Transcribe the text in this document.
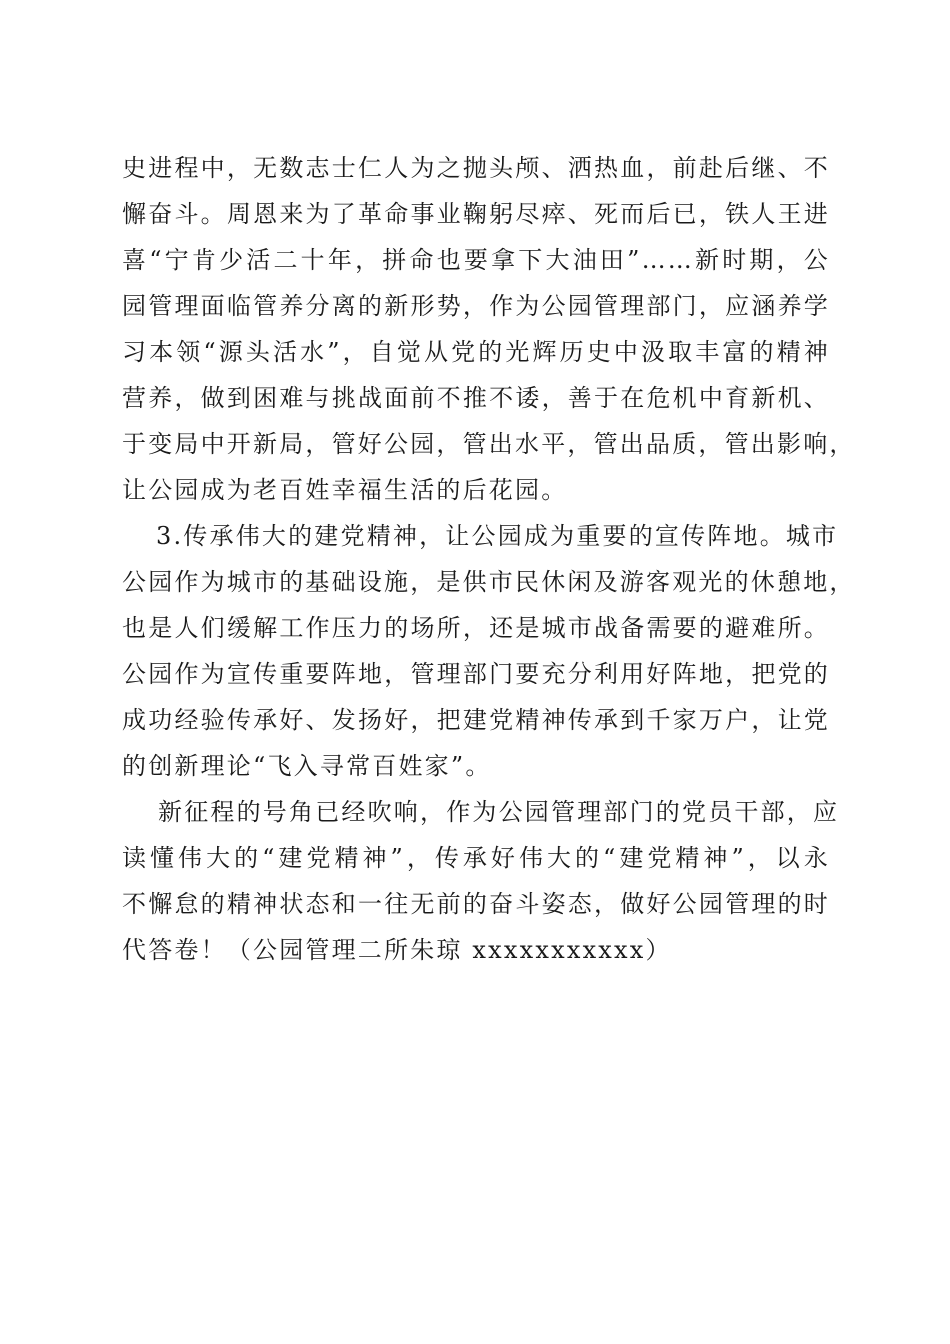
史进程中，无数志士仁人为之抛头颅、洒热血，前赴后继、不
懈奋斗。周恩来为了革命事业鞠躬尽瘁、死而后已，铁人王进
喜“宁肯少活二十年，拼命也要拿下大油田”……新时期，公
园管理面临管养分离的新形势，作为公园管理部门，应涵养学
习本领“源头活水”，自觉从党的光辉历史中汲取丰富的精神
营养，做到困难与挑战面前不推不诿，善于在危机中育新机、
于变局中开新局，管好公园，管出水平，管出品质，管出影响，
让公园成为老百姓幸福生活的后花园。
3.传承伟大的建党精神，让公园成为重要的宣传阵地。城市
公园作为城市的基础设施，是供市民休闲及游客观光的休憩地，
也是人们缓解工作压力的场所，还是城市战备需要的避难所。
公园作为宣传重要阵地，管理部门要充分利用好阵地，把党的
成功经验传承好、发扬好，把建党精神传承到千家万户，让党
的创新理论“飞入寻常百姓家”。
新征程的号角已经吹响，作为公园管理部门的党员干部，应
读懂伟大的“建党精神”，传承好伟大的“建党精神”，以永
不懈怠的精神状态和一往无前的奋斗姿态，做好公园管理的时
代答卷！（公园管理二所朱琼 xxxxxxxxxxx）
